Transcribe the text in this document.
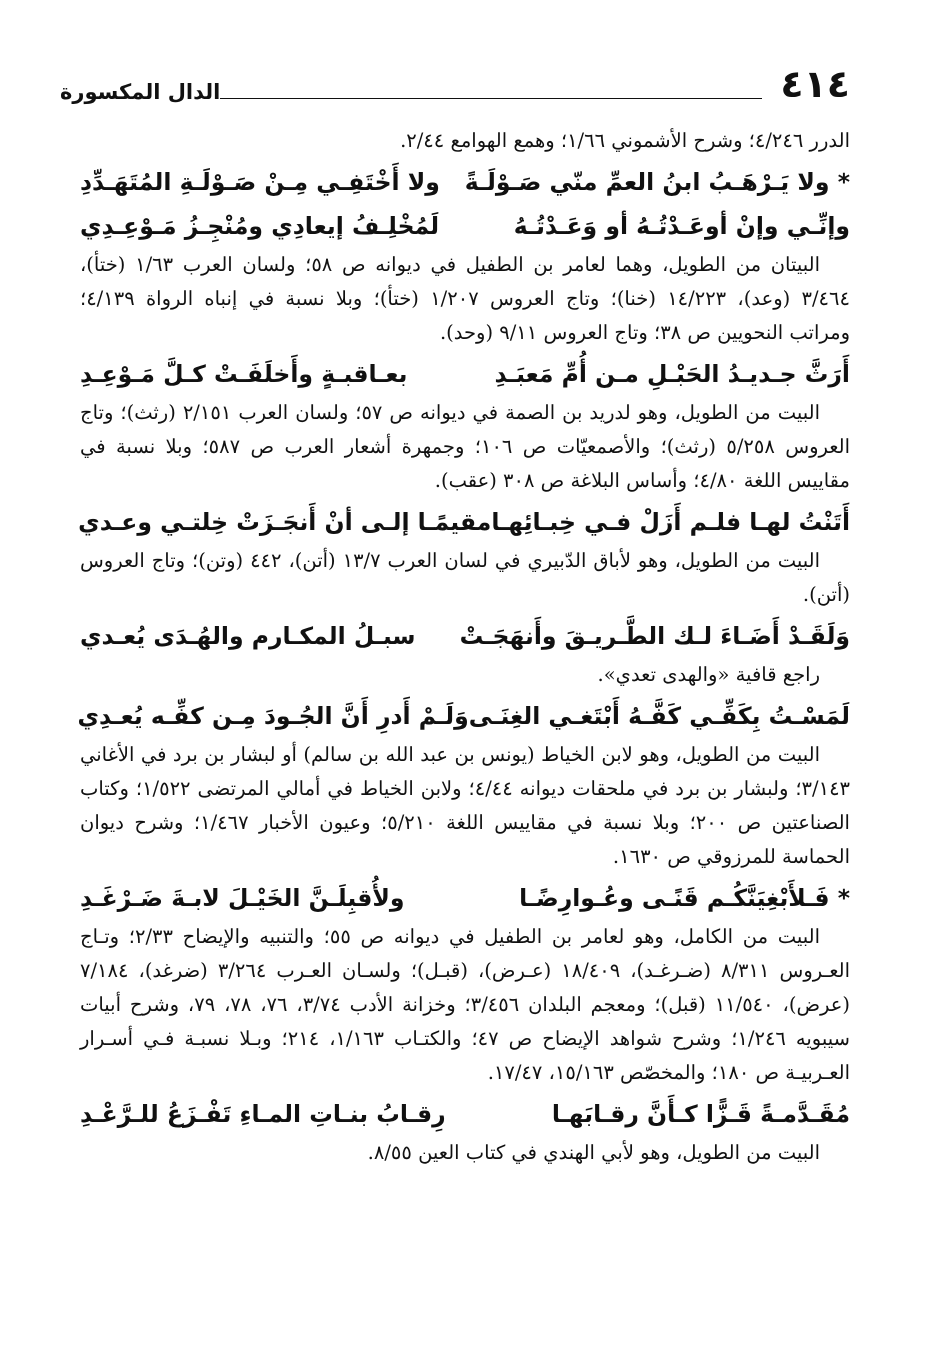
٤١٤
الدال المكسورة

الدرر ٤/٢٤٦؛ وشرح الأشموني ١/٦٦؛ وهمع الهوامع ٢/٤٤.

* ولا يَـرْهَـبُ ابنُ العمِّ منّي صَـوْلَـةً
ولا أَخْتَفِـي مِـنْ صَـوْلَـةِ المُتَهَـدِّدِ
وإنِّـي وإنْ أوعَـدْتُـهُ أو وَعَـدْتُـهُ
لَمُخْلِـفُ إيعادِي ومُنْجِـزُ مَـوْعِـدِي

البيتان من الطويل، وهما لعامر بن الطفيل في ديوانه ص ٥٨؛ ولسان العرب ١/٦٣ (ختأ)، ٣/٤٦٤ (وعد)، ١٤/٢٢٣ (خنا)؛ وتاج العروس ١/٢٠٧ (ختأ)؛ وبلا نسبة في إنباه الرواة ٤/١٣٩؛ ومراتب النحويين ص ٣٨؛ وتاج العروس ٩/١١ (وحد).

أَرَثَّ جـديـدُ الحَبْـلِ مـن أُمِّ مَعبَـدِ
بعـاقبـةٍ وأَخلَفَـتْ كـلَّ مَـوْعِـدِ

البيت من الطويل، وهو لدريد بن الصمة في ديوانه ص ٥٧؛ ولسان العرب ٢/١٥١ (رثث)؛ وتاج العروس ٥/٢٥٨ (رثث)؛ والأصمعيّات ص ١٠٦؛ وجمهرة أشعار العرب ص ٥٨٧؛ وبلا نسبة في مقاييس اللغة ٤/٨٠؛ وأساس البلاغة ص ٣٠٨ (عقب).

أَتَنْتُ لهـا فلـم أَزَلْ فـي خِبـائِهـا
مقيمًـا إلـى أنْ أَنجَـزَتْ خِلتـي وعـدي

البيت من الطويل، وهو لأباق الدّبيري في لسان العرب ١٣/٧ (أتن)، ٤٤٢ (وتن)؛ وتاج العروس (أتن).

وَلَقَـدْ أَضَـاءَ لـك الطَّـريـقَ وأَنهَجَـتْ
سبـلُ المكـارم والهُـدَى يُعـدي

راجع قافية «والهدى تعدي».

لَمَسْـتُ بِكَفِّـي كَفَّـهُ أَبْتَغـي الغِنَـى
وَلَـمْ أَدرِ أَنَّ الجُـودَ مِـن كفِّـه يُعـدِي

البيت من الطويل، وهو لابن الخياط (يونس بن عبد الله بن سالم) أو لبشار بن برد في الأغاني ٣/١٤٣؛ ولبشار بن برد في ملحقات ديوانه ٤/٤٤؛ ولابن الخياط في أمالي المرتضى ١/٥٢٢؛ وكتاب الصناعتين ص ٢٠٠؛ وبلا نسبة في مقاييس اللغة ٥/٢١٠؛ وعيون الأخبار ١/٤٦٧؛ وشرح ديوان الحماسة للمرزوقي ص ١٦٣٠.

* فَـلأَبْغِيَنَّكُـم قَنًـى وعُـوارِضًـا
ولأُقبِلَـنَّ الخَيْـلَ لابـةَ ضَـرْغَـدِ

البيت من الكامل، وهو لعامر بن الطفيل في ديوانه ص ٥٥؛ والتنبيه والإيضاح ٢/٣٣؛ وتـاج العـروس ٨/٣١١ (ضـرغـد)، ١٨/٤٠٩ (عـرض)، (قبـل)؛ ولسـان العـرب ٣/٢٦٤ (ضرغد)، ٧/١٨٤ (عرض)، ١١/٥٤٠ (قبل)؛ ومعجم البلدان ٣/٤٥٦؛ وخزانة الأدب ٣/٧٤، ٧٦، ٧٨، ٧٩، وشرح أبيات سيبويه ١/٢٤٦؛ وشرح شواهد الإيضاح ص ٤٧؛ والكتـاب ١/١٦٣، ٢١٤؛ وبـلا نسبـة فـي أسـرار العـربيـة ص ١٨٠؛ والمخصّص ١٥/١٦٣، ١٧/٤٧.

مُقَـدَّمـةً قَـزًّا كـأَنَّ رقـابَهـا
رِقـابُ بنـاتِ المـاءِ تَفْـزَعُ للـرَّعْـدِ

البيت من الطويل، وهو لأبي الهندي في كتاب العين ٨/٥٥.
